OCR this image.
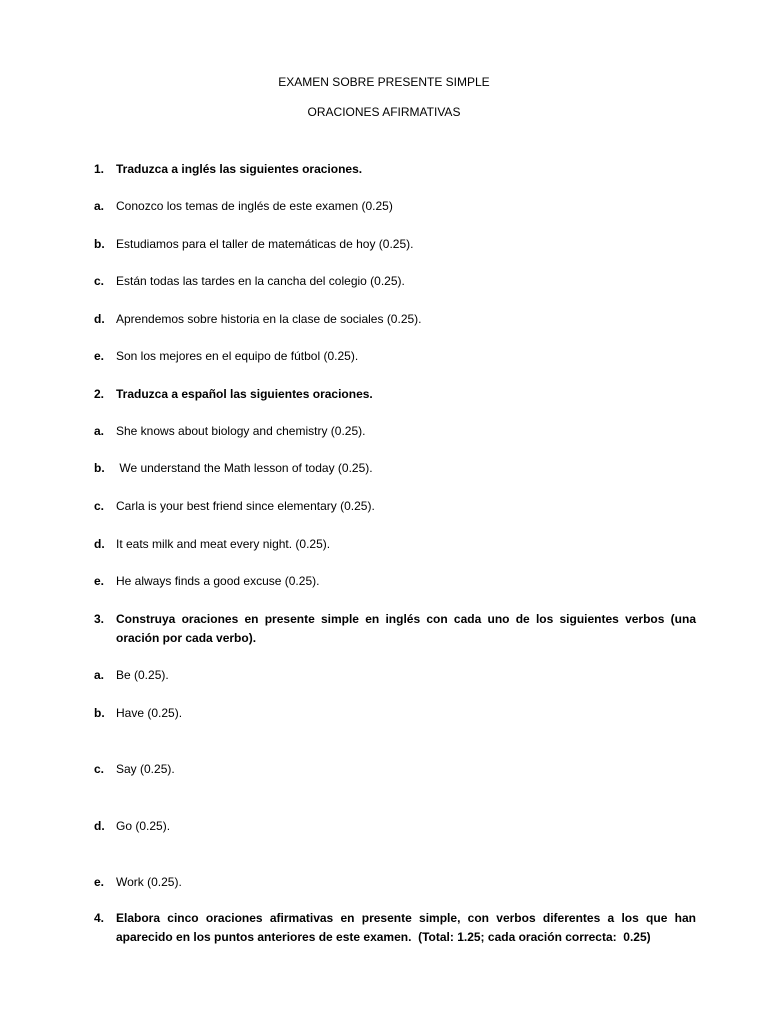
EXAMEN SOBRE PRESENTE SIMPLE
ORACIONES AFIRMATIVAS
1. Traduzca a inglés las siguientes oraciones.
a. Conozco los temas de inglés de este examen (0.25)
b. Estudiamos para el taller de matemáticas de hoy (0.25).
c. Están todas las tardes en la cancha del colegio (0.25).
d. Aprendemos sobre historia en la clase de sociales (0.25).
e. Son los mejores en el equipo de fútbol (0.25).
2. Traduzca a español las siguientes oraciones.
a. She knows about biology and chemistry (0.25).
b. We understand the Math lesson of today (0.25).
c. Carla is your best friend since elementary (0.25).
d. It eats milk and meat every night. (0.25).
e. He always finds a good excuse (0.25).
3. Construya oraciones en presente simple en inglés con cada uno de los siguientes verbos (una oración por cada verbo).
a. Be (0.25).
b. Have (0.25).
c. Say (0.25).
d. Go (0.25).
e. Work (0.25).
4. Elabora cinco oraciones afirmativas en presente simple, con verbos diferentes a los que han aparecido en los puntos anteriores de este examen.  (Total: 1.25; cada oración correcta:  0.25)
